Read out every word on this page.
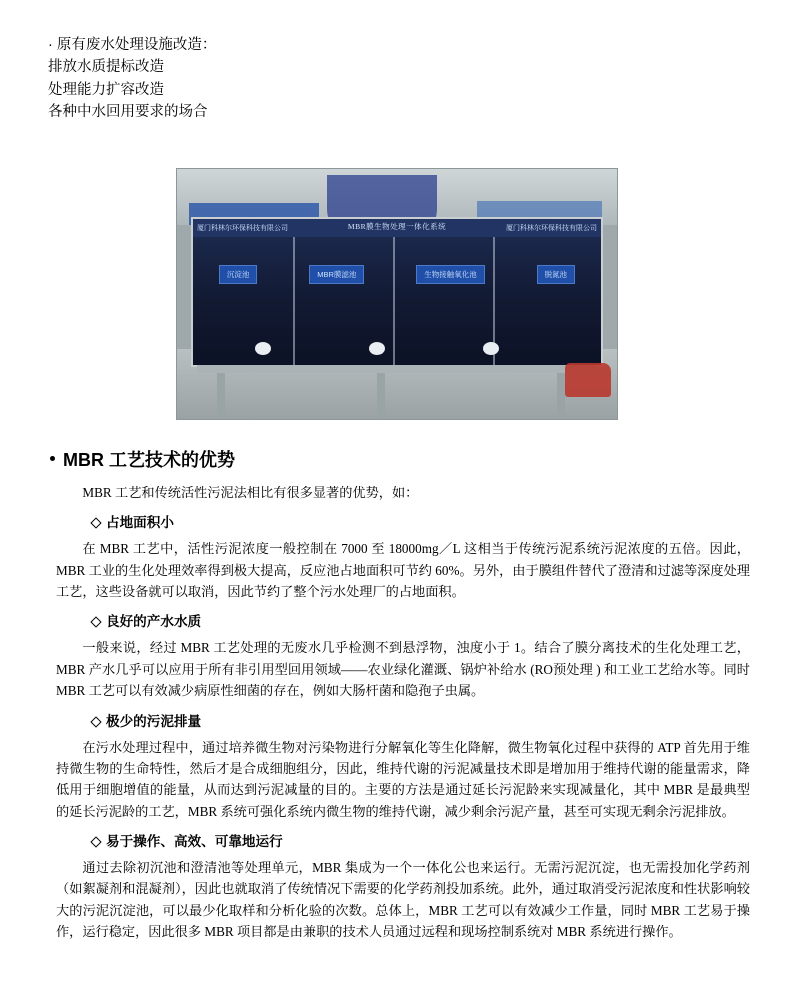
· 原有废水处理设施改造：
排放水质提标改造
处理能力扩容改造
各种中水回用要求的场合
厦门科林尔环保科技有限公司	厦门科林尔环保科技有限公司
MBR膜生物处理一体化系统
沉淀池	MBR膜滤池	生物接触氧化池	脱氮池
MBR 工艺技术的优势
MBR 工艺和传统活性污泥法相比有很多显著的优势，如：
占地面积小
在 MBR 工艺中，活性污泥浓度一般控制在 7000 至 18000mg／L 这相当于传统污泥系统污泥浓度的五倍。因此，MBR 工业的生化处理效率得到极大提高，反应池占地面积可节约 60%。另外，由于膜组件替代了澄清和过滤等深度处理工艺，这些设备就可以取消，因此节约了整个污水处理厂的占地面积。
良好的产水水质
一般来说，经过 MBR 工艺处理的无废水几乎检测不到悬浮物，浊度小于 1。结合了膜分离技术的生化处理工艺，MBR 产水几乎可以应用于所有非引用型回用领域——农业绿化灌溉、锅炉补给水 (RO预处理 ) 和工业工艺给水等。同时 MBR 工艺可以有效减少病原性细菌的存在，例如大肠杆菌和隐孢子虫属。
极少的污泥排量
在污水处理过程中，通过培养微生物对污染物进行分解氧化等生化降解，微生物氧化过程中获得的 ATP 首先用于维持微生物的生命特性，然后才是合成细胞组分，因此，维持代谢的污泥减量技术即是增加用于维持代谢的能量需求，降低用于细胞增值的能量，从而达到污泥减量的目的。主要的方法是通过延长污泥龄来实现减量化，其中 MBR 是最典型的延长污泥龄的工艺，MBR 系统可强化系统内微生物的维持代谢，减少剩余污泥产量，甚至可实现无剩余污泥排放。
易于操作、高效、可靠地运行
通过去除初沉池和澄清池等处理单元，MBR 集成为一个一体化公也来运行。无需污泥沉淀，也无需投加化学药剂（如絮凝剂和混凝剂），因此也就取消了传统情况下需要的化学药剂投加系统。此外，通过取消受污泥浓度和性状影响较大的污泥沉淀池，可以最少化取样和分析化验的次数。总体上，MBR 工艺可以有效减少工作量，同时 MBR 工艺易于操作，运行稳定，因此很多 MBR 项目都是由兼职的技术人员通过远程和现场控制系统对 MBR 系统进行操作。
